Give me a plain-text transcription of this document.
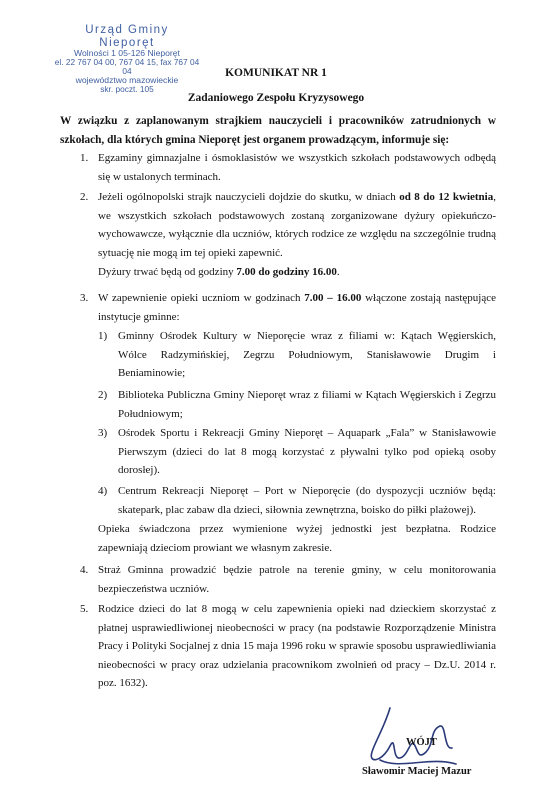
Urząd Gminy
Nieporęt
Wolności 1 05-126 Nieporęt
el. 22 767 04 00, 767 04 15, fax 767 04 04
województwo mazowieckie
skr. poczt. 105
KOMUNIKAT NR 1
Zadaniowego Zespołu Kryzysowego
W związku z zaplanowanym strajkiem nauczycieli i pracowników zatrudnionych w szkołach, dla których gmina Nieporęt jest organem prowadzącym, informuje się:
1. Egzaminy gimnazjalne i ósmoklasistów we wszystkich szkołach podstawowych odbędą się w ustalonych terminach.
2. Jeżeli ogólnopolski strajk nauczycieli dojdzie do skutku, w dniach od 8 do 12 kwietnia, we wszystkich szkołach podstawowych zostaną zorganizowane dyżury opiekuńczo-wychowawcze, wyłącznie dla uczniów, których rodzice ze względu na szczególnie trudną sytuację nie mogą im tej opieki zapewnić.
Dyżury trwać będą od godziny 7.00 do godziny 16.00.
3. W zapewnienie opieki uczniom w godzinach 7.00 – 16.00 włączone zostają następujące instytucje gminne:
1) Gminny Ośrodek Kultury w Nieporęcie wraz z filiami w: Kątach Węgierskich, Wólce Radzymińskiej, Zegrzu Południowym, Stanisławowie Drugim i Beniaminowie;
2) Biblioteka Publiczna Gminy Nieporęt wraz z filiami w Kątach Węgierskich i Zegrzu Południowym;
3) Ośrodek Sportu i Rekreacji Gminy Nieporęt – Aquapark „Fala” w Stanisławowie Pierwszym (dzieci do lat 8 mogą korzystać z pływalni tylko pod opieką osoby dorosłej).
4) Centrum Rekreacji Nieporęt – Port w Nieporęcie (do dyspozycji uczniów będą: skatepark, plac zabaw dla dzieci, siłownia zewnętrzna, boisko do piłki plażowej).
Opieka świadczona przez wymienione wyżej jednostki jest bezpłatna. Rodzice zapewniają dzieciom prowiant we własnym zakresie.
4. Straż Gminna prowadzić będzie patrole na terenie gminy, w celu monitorowania bezpieczeństwa uczniów.
5. Rodzice dzieci do lat 8 mogą w celu zapewnienia opieki nad dzieckiem skorzystać z płatnej usprawiedliwionej nieobecności w pracy (na podstawie Rozporządzenie Ministra Pracy i Polityki Socjalnej z dnia 15 maja 1996 roku w sprawie sposobu usprawiedliwiania nieobecności w pracy oraz udzielania pracownikom zwolnień od pracy – Dz.U. 2014 r. poz. 1632).
WÓJT
Sławomir Maciej Mazur
